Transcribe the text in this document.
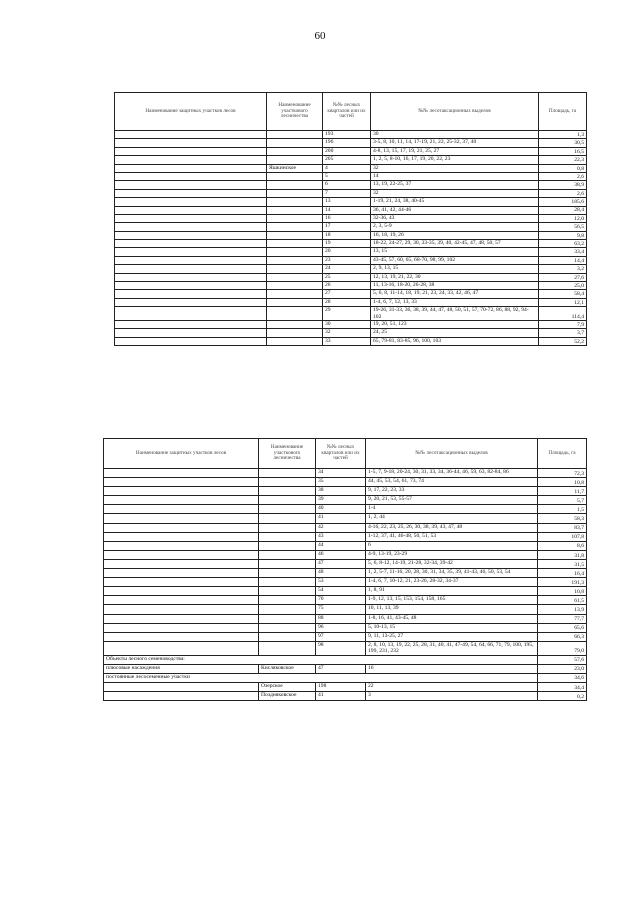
60
Наименование защитных участков лесов	Наименование участкового лесничества	№№ лесных кварталов или их частей	№№ лесотаксационных выделов	Площадь, га
		193	30	1,3
		196	3-5, 8, 10, 11, 14, 17-19, 21, 22, 25-32, 37, 40	30,5
		200	4-8, 13, 15, 17, 19, 21, 25, 27	16,5
		205	1, 2, 5, 8-10, 16, 17, 19, 20, 22, 23	22,3
	Яшкинское	4	32	0,8
		5	14	2,6
		6	13, 19, 22-25, 37	38,9
		7	32	2,6
		13	1-19, 21, 24, 38, 40-45	185,6
		14	36, 41, 42, 44-46	28,4
		16	32-36, 43	12,0
		17	2, 3, 5-9	56,5
		18	16, 18, 19, 26	9,8
		19	18-22, 24-27, 29, 30, 33-35, 39, 40, 42-45, 47, 48, 50, 57	63,2
		20	13, 15	33,4
		23	43-45, 57, 60, 65, 68-70, 98, 99, 102	14,4
		24	2, 9, 13, 15	3,2
		25	12, 13, 19, 21, 22, 30	27,6
		26	11, 13-16, 18-20, 26-28, 38	25,0
		27	5, 6, 8, 11-14, 18, 19, 21, 23, 24, 33, 42, 46, 47	58,4
		28	1-4, 6, 7, 12, 13, 33	12,1
		29	19-26, 31-33, 36, 38, 39, 44, 47, 48, 50, 51, 57, 70-72, 86, 88, 92, 94-102	114,4
		30	19, 20, 51, 123	7,9
		32	24, 25	3,7
		33	65, 79-81, 83-85, 96, 100, 103	52,2
Наименование защитных участков лесов	Наименование участкового лесничества	№№ лесных кварталов или их частей	№№ лесотаксационных выделов	Площадь, га
		34	1-5, 7, 9-18, 20-24, 30, 31, 33, 34, 36-44, 46, 59, 63, 82-84, 86	72,3
		35	44, 45, 53, 54, 61, 73, 74	10,8
		38	9, 17, 22, 23, 33	11,7
		39	9, 20, 21, 53, 55-57	5,7
		40	1-4	1,5
		41	1, 2, 44	58,3
		42	4-16, 22, 23, 25, 26, 30, 38, 39, 43, 47, 48	83,7
		43	1-12, 37, 41, 46-48, 50, 51, 53	107,8
		44	6	8,6
		46	4-9, 13-19, 23-29	31,8
		47	5, 6, 8-12, 14-19, 21-28, 32-34, 39-42	31,5
		48	1, 2, 5-7, 11-16, 20, 28, 30, 31, 34, 35, 39, 41-43, 46, 50, 53, 54	16,4
		53	1-4, 6, 7, 10-12, 21, 23-26, 28-32, 34-37	191,3
		54	1, 8, 91	10,8
		70	1-9, 12, 13, 15, 153, 154, 158, 165	61,5
		75	10, 11, 13, 39	13,9
		88	1-8, 16, 41, 43-45, 48	77,7
		96	5, 10-13, 15	65,6
		97	9, 11, 13-25, 27	66,3
		98	2, 8, 10, 13, 19, 22, 25, 28, 31, 40, 41, 47-49, 54, 64, 66, 71, 79, 100, 195, 199, 231, 232	79,0
Объекты лесного семеноводства:				57,6
плюсовые насаждения	Кисляковское	47	16	23,0
постоянные лесосеменные участки				34,6
	Озерское	198	22	34,4
	Поздняковское	41	3	0,2
